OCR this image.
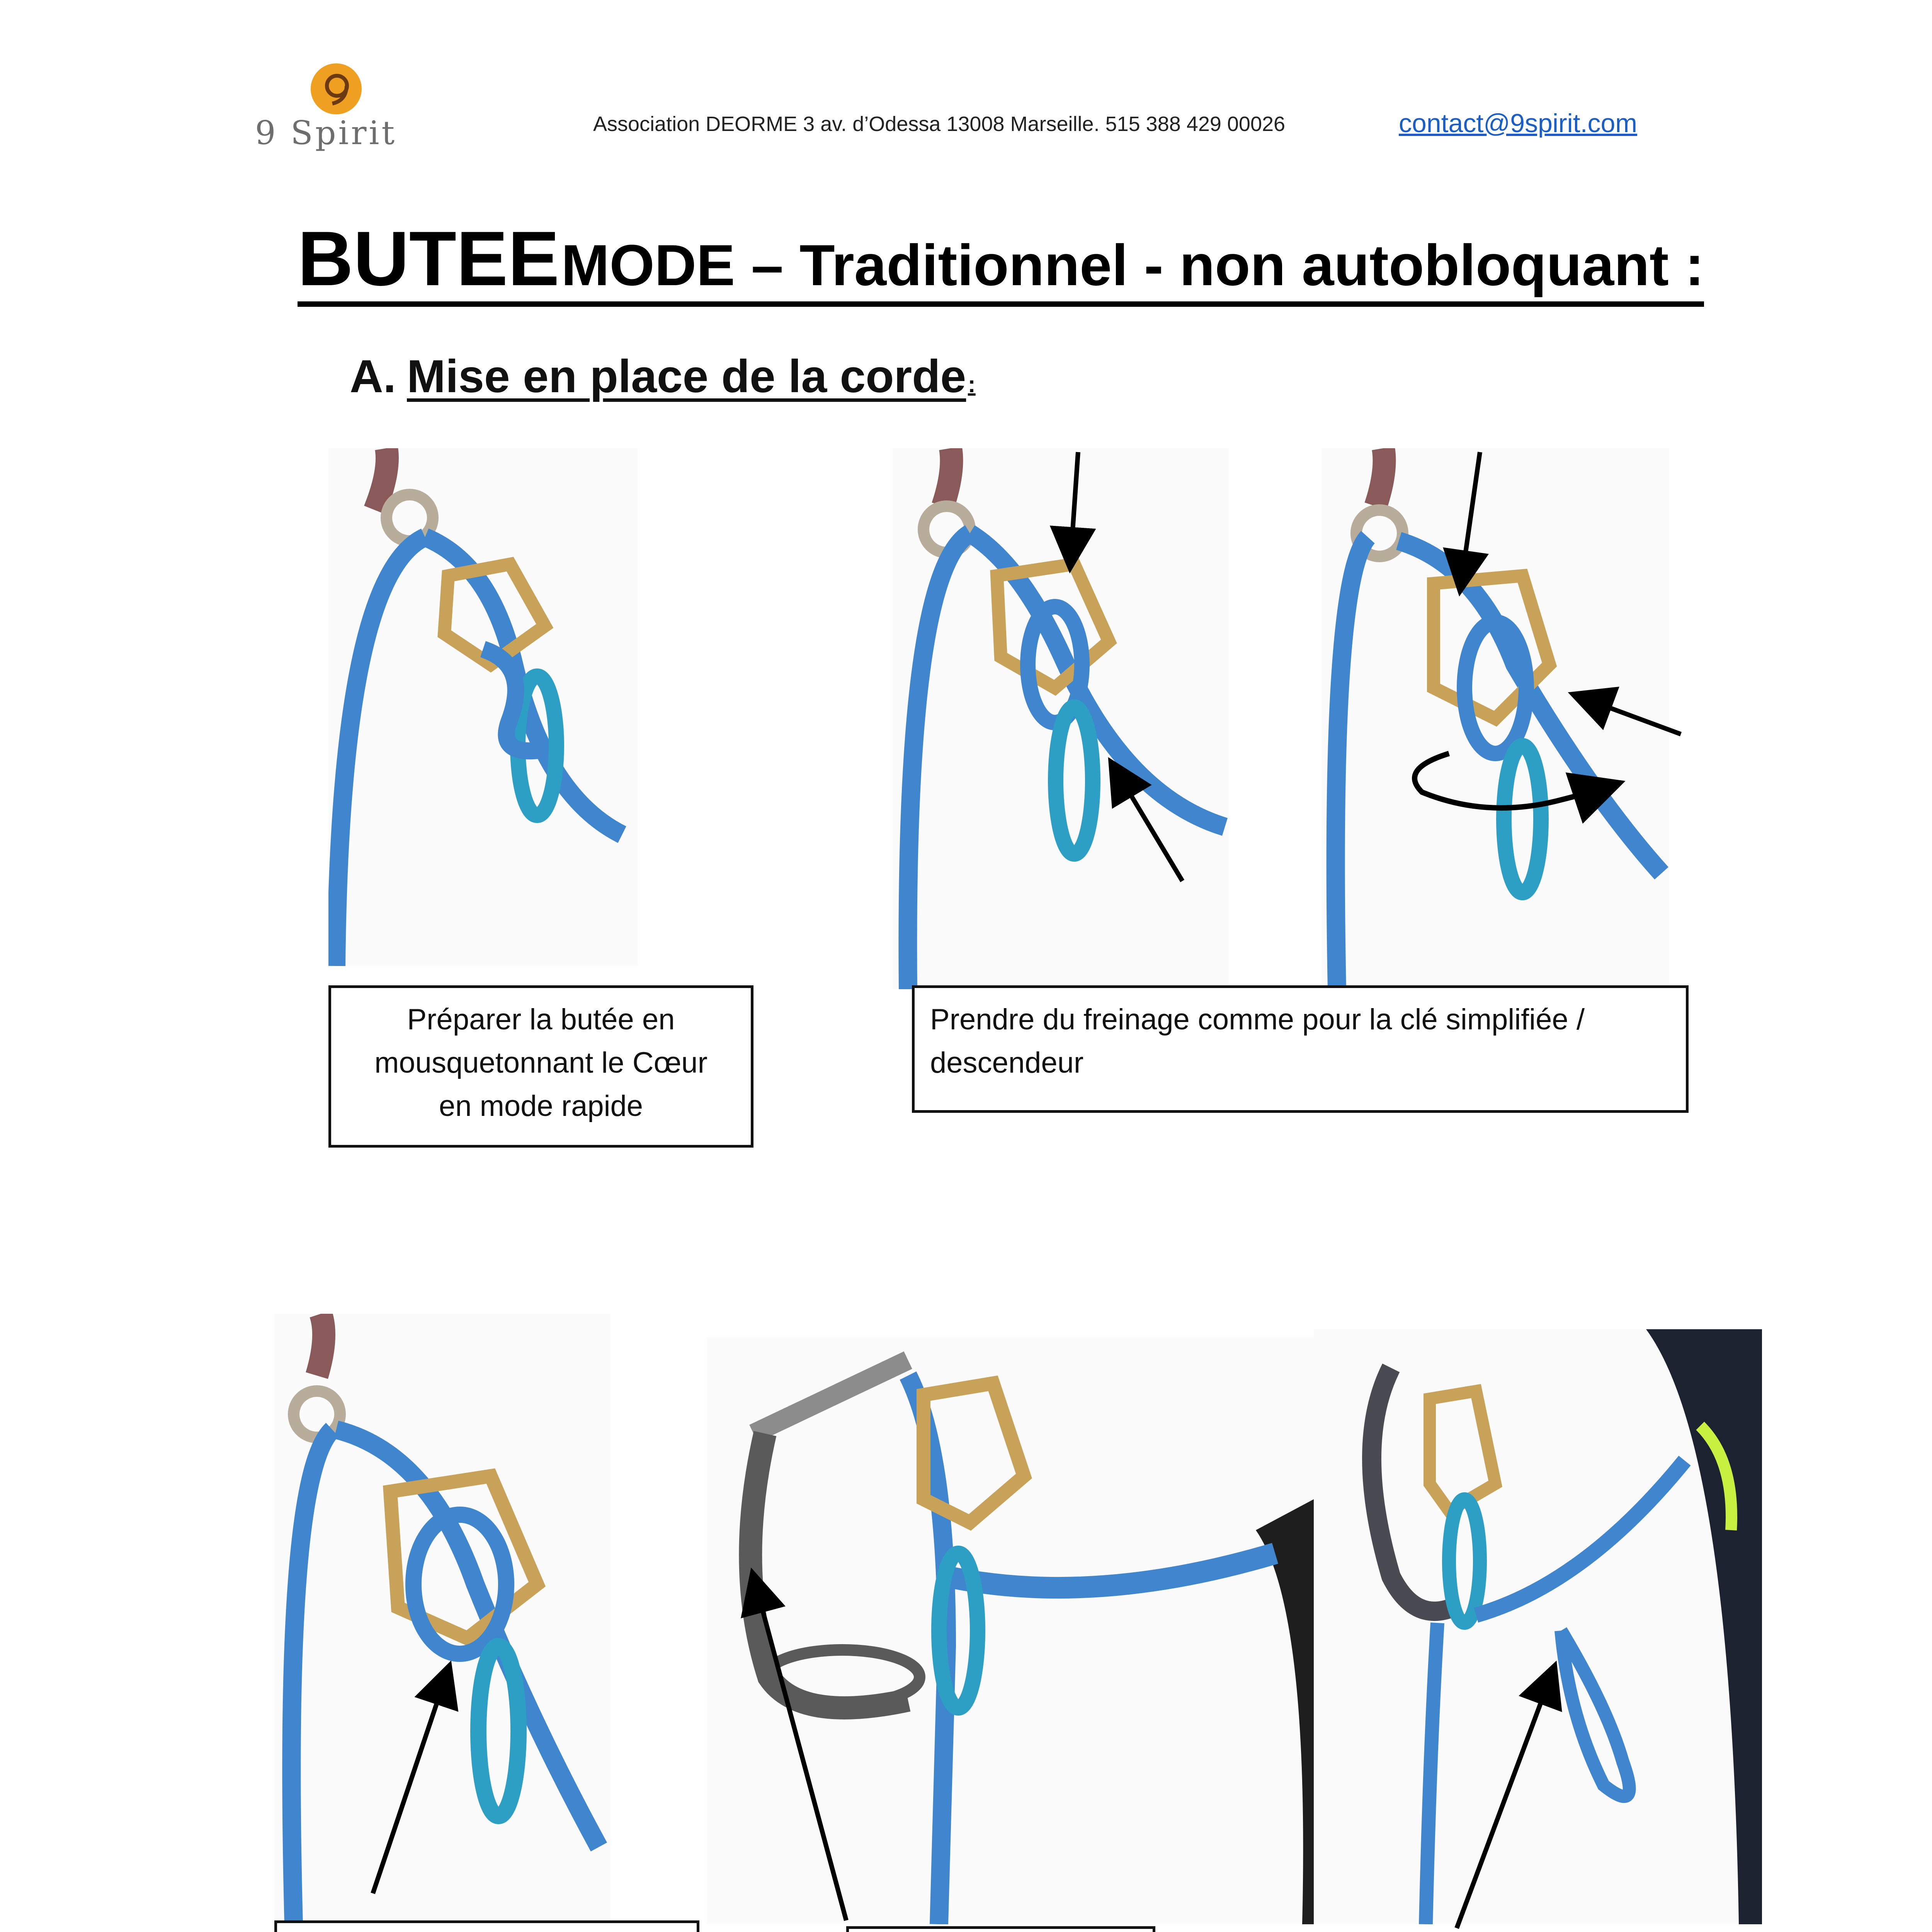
9 Spirit	Association DEORME 3 av. d’Odessa 13008 Marseille. 515 388 429 00026	contact@9spirit.com
BUTEE MODE – Traditionnel - non autobloquant :
A. Mise en place de la corde :
Préparer la butée en
mousquetonnant le Cœur
en mode rapide
Prendre du freinage comme pour la clé simplifiée /
descendeur
